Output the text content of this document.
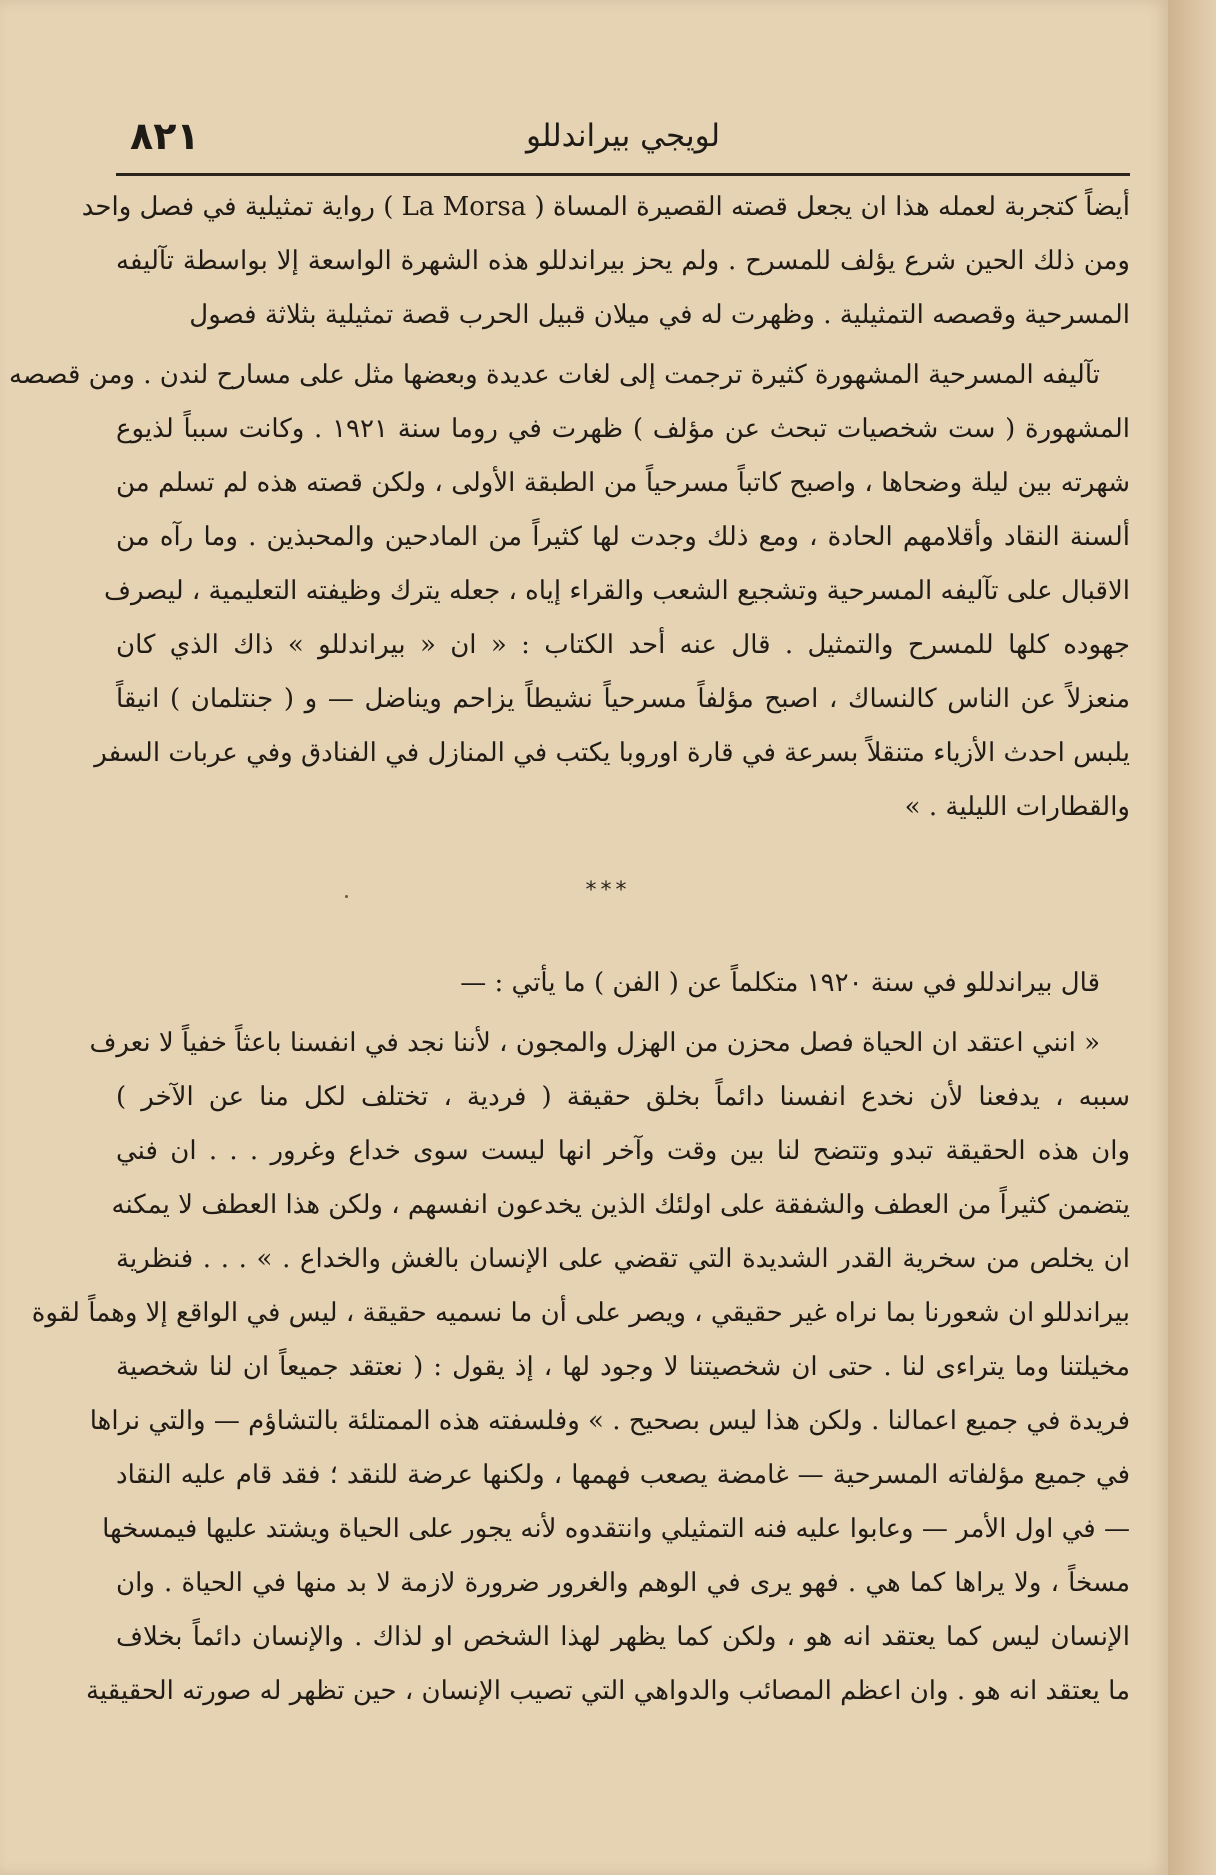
لويجي بيراندللو
٨٢١
أيضاً كتجربة لعمله هذا ان يجعل قصته القصيرة المساة ( La Morsa ) رواية تمثيلية في فصل واحد
ومن ذلك الحين شرع يؤلف للمسرح . ولم يحز بيراندللو هذه الشهرة الواسعة إلا بواسطة تآليفه
المسرحية وقصصه التمثيلية . وظهرت له في ميلان قبيل الحرب قصة تمثيلية بثلاثة فصول
تآليفه المسرحية المشهورة كثيرة ترجمت إلى لغات عديدة وبعضها مثل على مسارح لندن . ومن قصصه
المشهورة ( ست شخصيات تبحث عن مؤلف ) ظهرت في روما سنة ١٩٢١ . وكانت سبباً لذيوع
شهرته بين ليلة وضحاها ، واصبح كاتباً مسرحياً من الطبقة الأولى ، ولكن قصته هذه لم تسلم من
ألسنة النقاد وأقلامهم الحادة ، ومع ذلك وجدت لها كثيراً من المادحين والمحبذين . وما رآه من
الاقبال على تآليفه المسرحية وتشجيع الشعب والقراء إياه ، جعله يترك وظيفته التعليمية ، ليصرف
جهوده كلها للمسرح والتمثيل . قال عنه أحد الكتاب : « ان « بيراندللو » ذاك الذي كان
منعزلاً عن الناس كالنساك ، اصبح مؤلفاً مسرحياً نشيطاً يزاحم ويناضل — و ( جنتلمان ) انيقاً
يلبس احدث الأزياء متنقلاً بسرعة في قارة اوروبا يكتب في المنازل في الفنادق وفي عربات السفر
والقطارات الليلية . »
***
قال بيراندللو في سنة ١٩٢٠ متكلماً عن ( الفن ) ما يأتي : —
« انني اعتقد ان الحياة فصل محزن من الهزل والمجون ، لأننا نجد في انفسنا باعثاً خفياً لا نعرف
سببه ، يدفعنا لأن نخدع انفسنا دائماً بخلق حقيقة ( فردية ، تختلف لكل منا عن الآخر )
وان هذه الحقيقة تبدو وتتضح لنا بين وقت وآخر انها ليست سوى خداع وغرور . . . ان فني
يتضمن كثيراً من العطف والشفقة على اولئك الذين يخدعون انفسهم ، ولكن هذا العطف لا يمكنه
ان يخلص من سخرية القدر الشديدة التي تقضي على الإنسان بالغش والخداع . » . . . فنظرية
بيراندللو ان شعورنا بما نراه غير حقيقي ، ويصر على أن ما نسميه حقيقة ، ليس في الواقع إلا وهماً لقوة
مخيلتنا وما يتراءى لنا . حتى ان شخصيتنا لا وجود لها ، إذ يقول : ( نعتقد جميعاً ان لنا شخصية
فريدة في جميع اعمالنا . ولكن هذا ليس بصحيح . » وفلسفته هذه الممتلئة بالتشاؤم — والتي نراها
في جميع مؤلفاته المسرحية — غامضة يصعب فهمها ، ولكنها عرضة للنقد ؛ فقد قام عليه النقاد
— في اول الأمر — وعابوا عليه فنه التمثيلي وانتقدوه لأنه يجور على الحياة ويشتد عليها فيمسخها
مسخاً ، ولا يراها كما هي . فهو يرى في الوهم والغرور ضرورة لازمة لا بد منها في الحياة . وان
الإنسان ليس كما يعتقد انه هو ، ولكن كما يظهر لهذا الشخص او لذاك . والإنسان دائماً بخلاف
ما يعتقد انه هو . وان اعظم المصائب والدواهي التي تصيب الإنسان ، حين تظهر له صورته الحقيقية
